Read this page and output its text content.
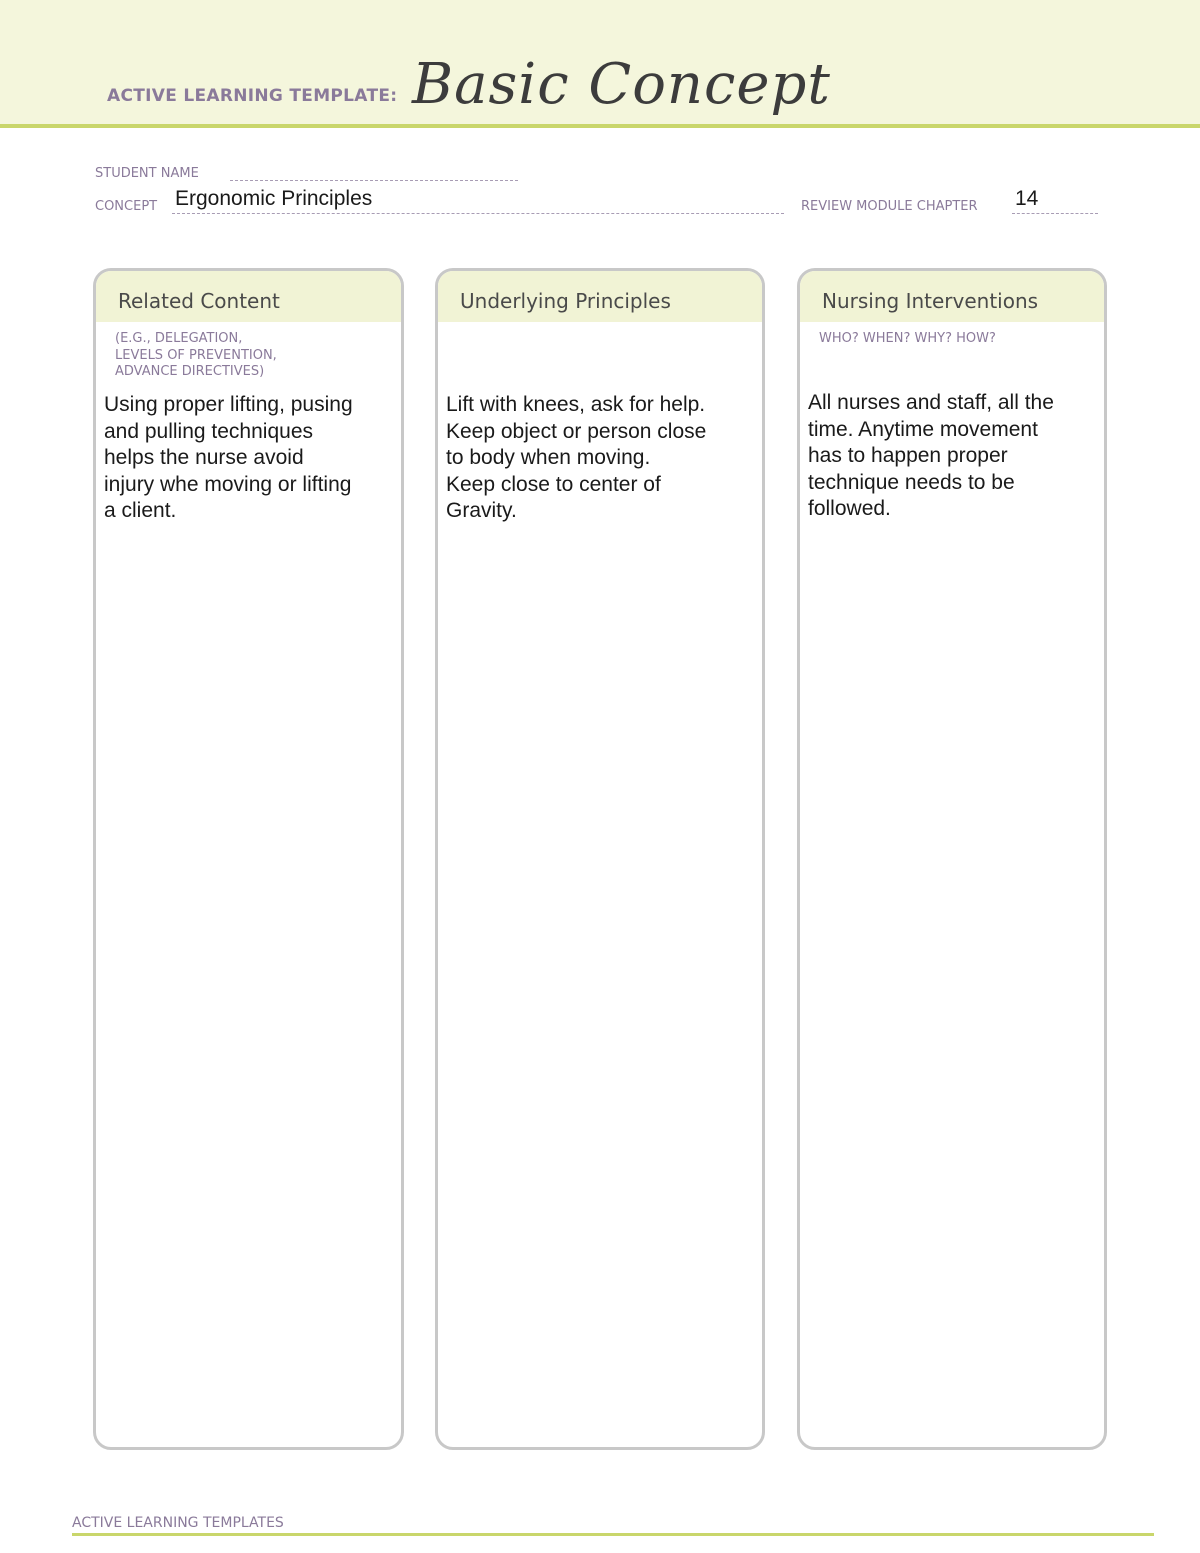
ACTIVE LEARNING TEMPLATE: Basic Concept
STUDENT NAME
CONCEPT Ergonomic Principles	REVIEW MODULE CHAPTER 14
Related Content
(E.G., DELEGATION,
LEVELS OF PREVENTION,
ADVANCE DIRECTIVES)
Using proper lifting, pusing
and pulling techniques
helps the nurse avoid
injury whe moving or lifting
a client.
Underlying Principles
Lift with knees, ask for help.
Keep object or person close
to body when moving.
Keep close to center of
Gravity.
Nursing Interventions
WHO? WHEN? WHY? HOW?
All nurses and staff, all the
time. Anytime movement
has to happen proper
technique needs to be
followed.
ACTIVE LEARNING TEMPLATES
